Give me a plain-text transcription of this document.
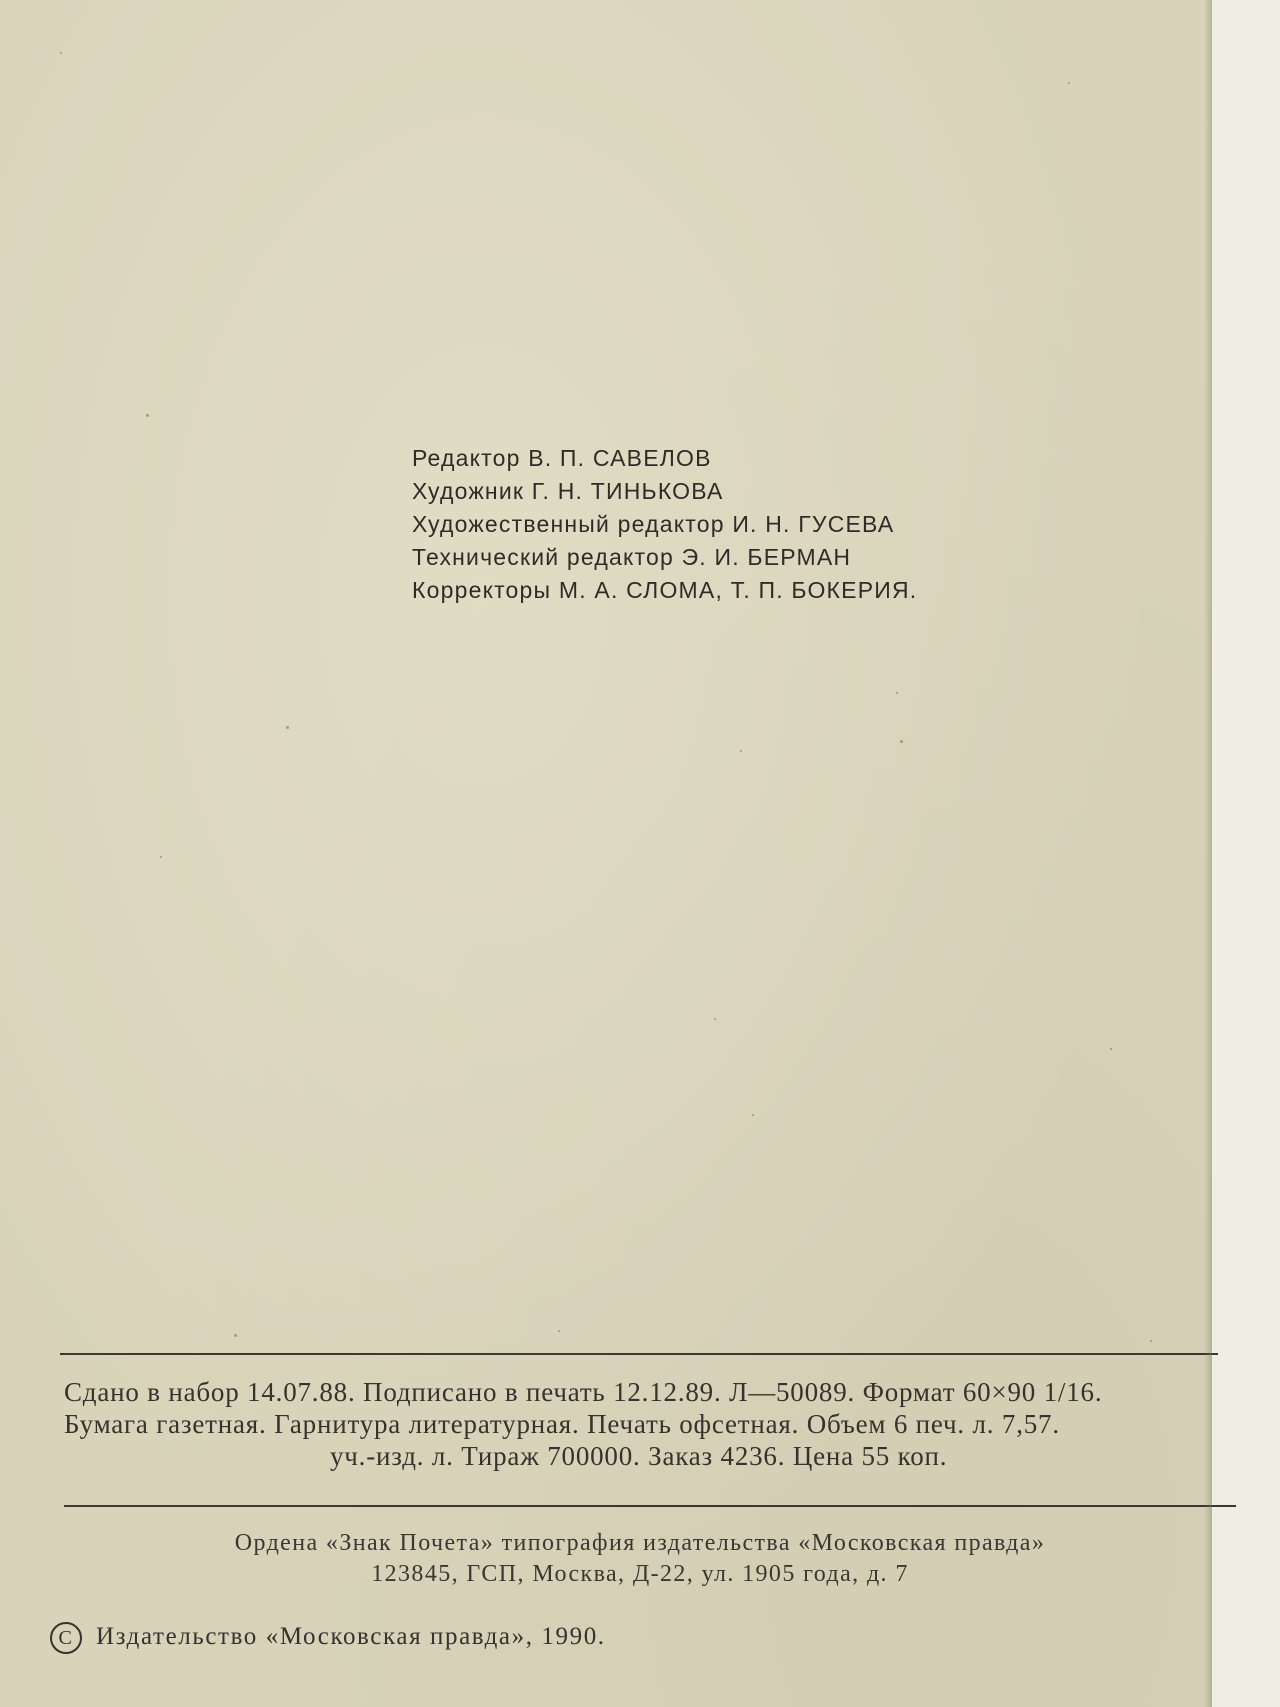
Редактор В. П. САВЕЛОВ
Художник Г. Н. ТИНЬКОВА
Художественный редактор И. Н. ГУСЕВА
Технический редактор Э. И. БЕРМАН
Корректоры М. А. СЛОМА, Т. П. БОКЕРИЯ.
Сдано в набор 14.07.88. Подписано в печать 12.12.89. Л—50089. Формат 60×90 1/16.
Бумага газетная. Гарнитура литературная. Печать офсетная. Объем 6 печ. л. 7,57.
уч.-изд. л. Тираж 700000. Заказ 4236. Цена 55 коп.
Ордена «Знак Почета» типография издательства «Московская правда»
123845, ГСП, Москва, Д-22, ул. 1905 года, д. 7
C Издательство «Московская правда», 1990.
